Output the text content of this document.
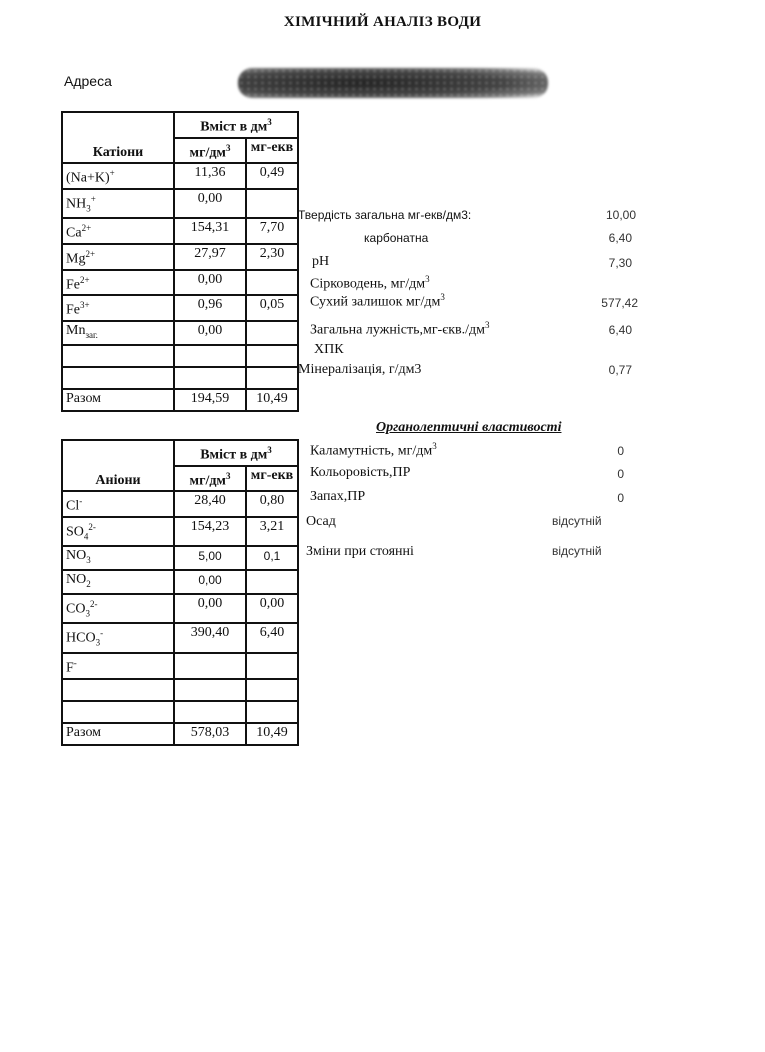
ХІМІЧНИЙ АНАЛІЗ ВОДИ
Адреса
Катіони	Вміст в $дм^3$
	$мг/дм^3$	мг-екв
(Na+K)+	11,36	0,49
$NH_3^+$	0,00	
$Ca^{2+}$	154,31	7,70
$Mg^{2+}$	27,97	2,30
$Fe^{2+}$	0,00	
$Fe^{3+}$	0,96	0,05
$Mn_{заг.}$	0,00	

Разом	194,59	10,49
Твердість загальна мг-екв/дм3:	10,00
карбонатна	6,40
pH	7,30
Сірководень, $мг/дм^3$
Сухий залишок $мг/дм^3$	577,42
Загальна $лужність,мг-єкв./дм^3$	6,40
ХПК
Мінералізація, г/дм3	0,77
Органолептичні властивості
Каламутність, $мг/дм^3$	0
Кольоровість,ПР	0
Запах,ПР	0
Осад	відсутній
Зміни при стоянні	відсутній
Аніони	Вміст в $дм^3$
	$мг/дм^3$	мг-екв
Cl-	28,40	0,80
$SO_4^{2-}$	154,23	3,21
$NO_3$	5,00	0,1
$NO_2$	0,00	
$CO_3^{2-}$	0,00	0,00
$HCO_3^-$	390,40	6,40
F-		

Разом	578,03	10,49
